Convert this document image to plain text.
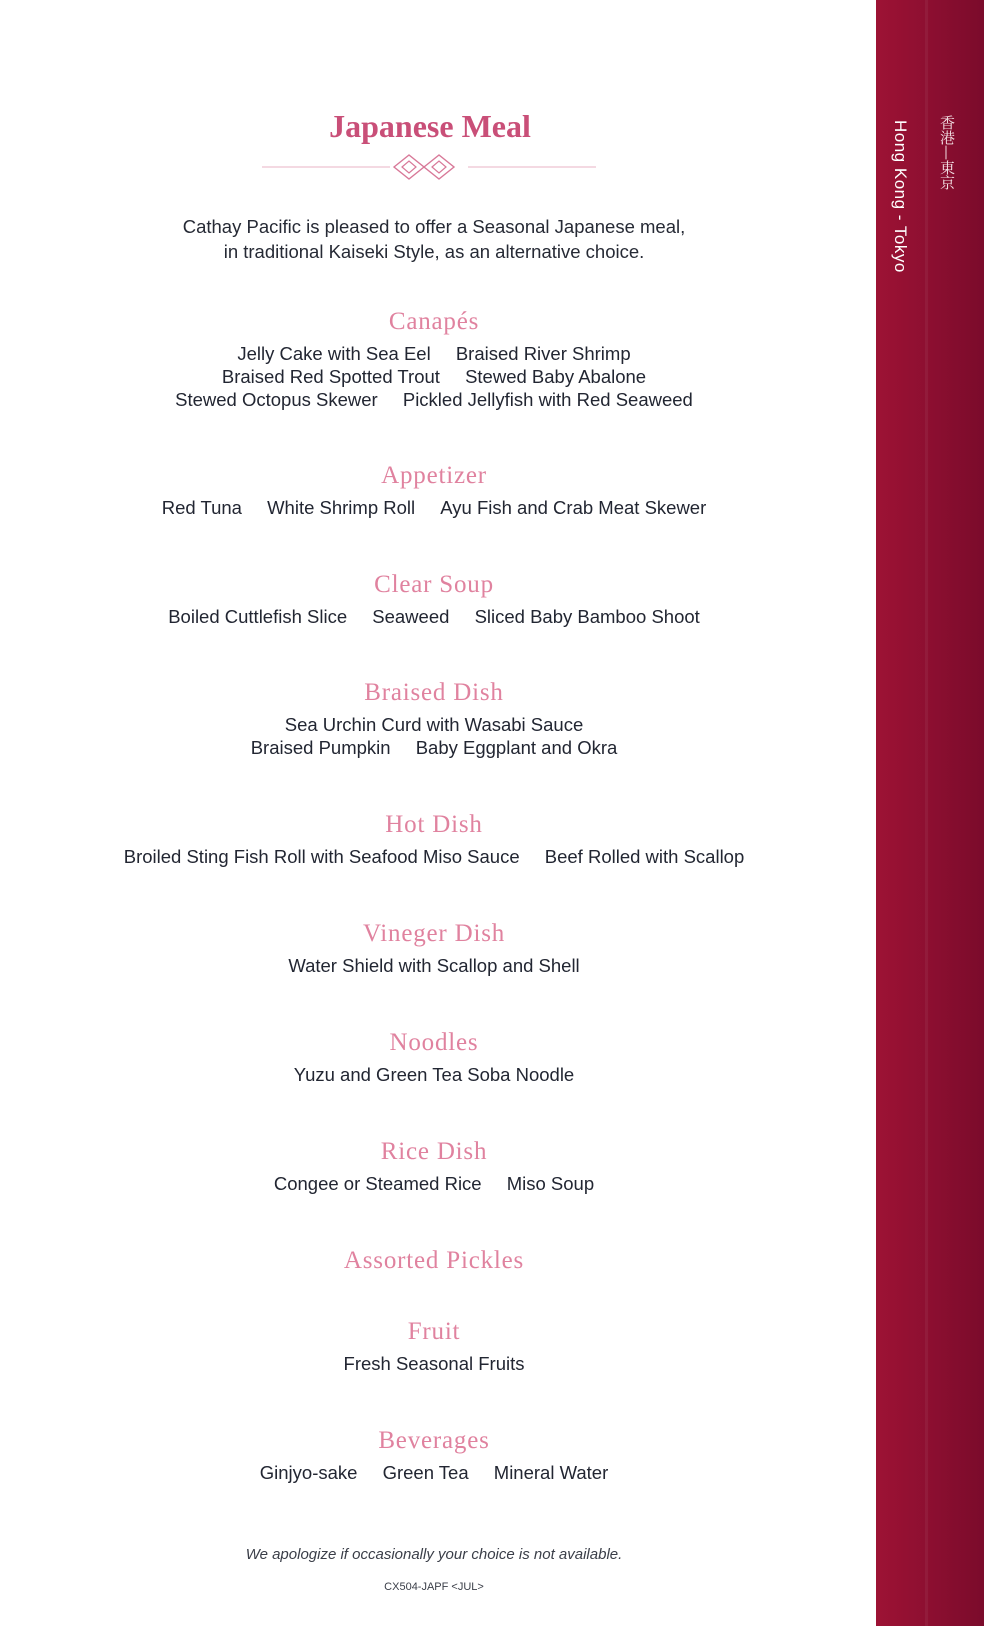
Japanese Meal
Cathay Pacific is pleased to offer a Seasonal Japanese meal,
in traditional Kaiseki Style, as an alternative choice.
Canapés
Jelly Cake with Sea Eel Braised River Shrimp
Braised Red Spotted Trout Stewed Baby Abalone
Stewed Octopus Skewer Pickled Jellyfish with Red Seaweed
Appetizer
Red Tuna White Shrimp Roll Ayu Fish and Crab Meat Skewer
Clear Soup
Boiled Cuttlefish Slice Seaweed Sliced Baby Bamboo Shoot
Braised Dish
Sea Urchin Curd with Wasabi Sauce
Braised Pumpkin Baby Eggplant and Okra
Hot Dish
Broiled Sting Fish Roll with Seafood Miso Sauce Beef Rolled with Scallop
Vineger Dish
Water Shield with Scallop and Shell
Noodles
Yuzu and Green Tea Soba Noodle
Rice Dish
Congee or Steamed Rice Miso Soup
Assorted Pickles
Fruit
Fresh Seasonal Fruits
Beverages
Ginjyo-sake Green Tea Mineral Water
We apologize if occasionally your choice is not available.
CX504-JAPF <JUL>
Hong Kong - Tokyo	香港—東京
